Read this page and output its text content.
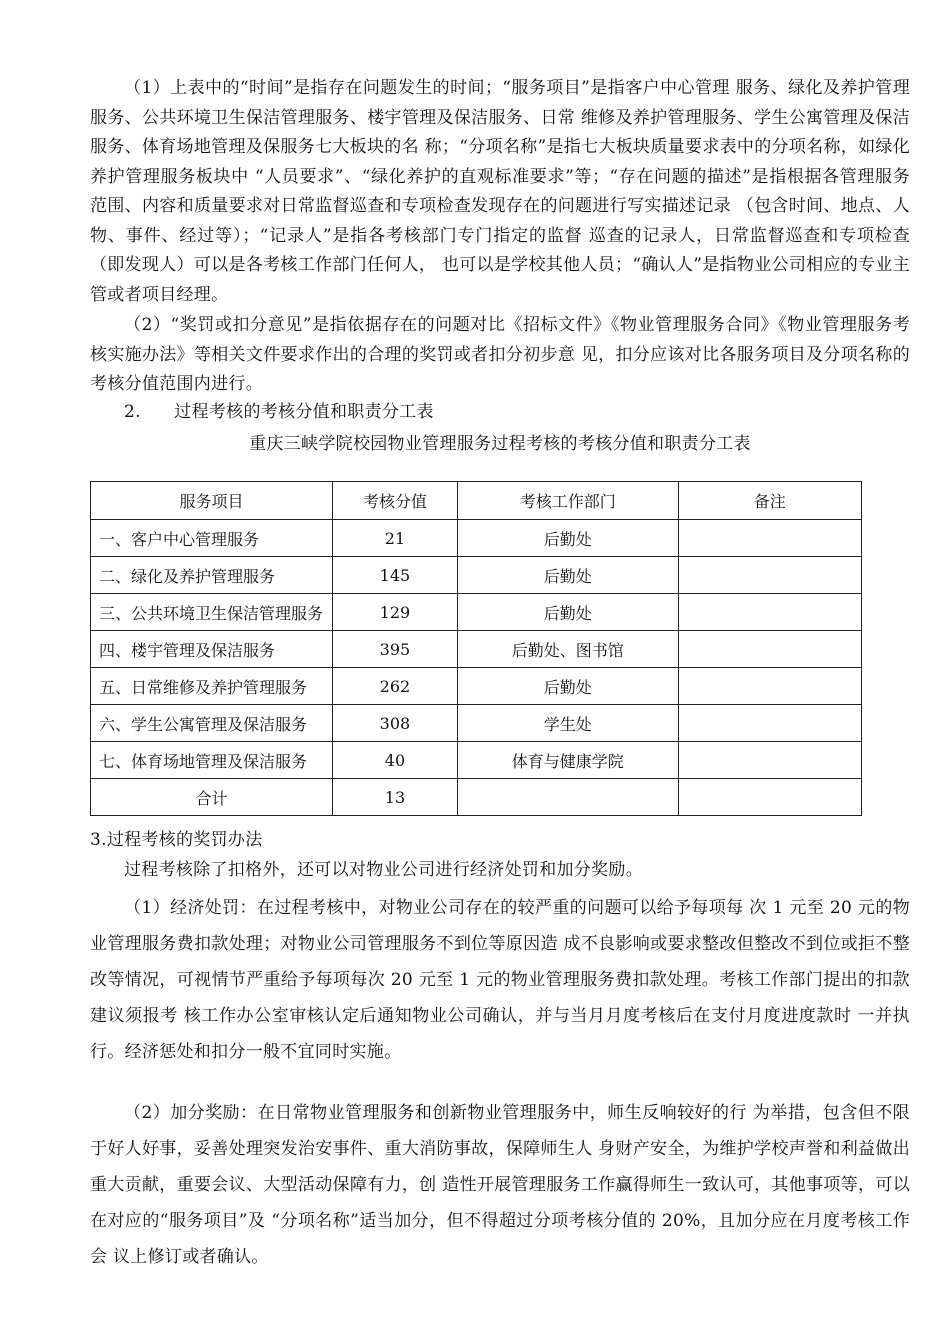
（1）上表中的“时间”是指存在问题发生的时间；“服务项目”是指客户中心管理 服务、绿化及养护管理服务、公共环境卫生保洁管理服务、楼宇管理及保洁服务、日常 维修及养护管理服务、学生公寓管理及保洁服务、体育场地管理及保服务七大板块的名 称；“分项名称”是指七大板块质量要求表中的分项名称，如绿化养护管理服务板块中 “人员要求”、“绿化养护的直观标准要求”等；“存在问题的描述”是指根据各管理服务范围、内容和质量要求对日常监督巡查和专项检查发现存在的问题进行写实描述记录 （包含时间、地点、人物、事件、经过等）；“记录人”是指各考核部门专门指定的监督 巡查的记录人，日常监督巡查和专项检查（即发现人）可以是各考核工作部门任何人， 也可以是学校其他人员；“确认人”是指物业公司相应的专业主管或者项目经理。

（2）“奖罚或扣分意见”是指依据存在的问题对比《招标文件》《物业管理服务合同》《物业管理服务考核实施办法》等相关文件要求作出的合理的奖罚或者扣分初步意 见，扣分应该对比各服务项目及分项名称的考核分值范围内进行。

2. 过程考核的考核分值和职责分工表
重庆三峡学院校园物业管理服务过程考核的考核分值和职责分工表
服务项目	考核分值	考核工作部门	备注
一、客户中心管理服务	21	后勤处	
二、绿化及养护管理服务	145	后勤处	
三、公共环境卫生保洁管理服务	129	后勤处	
四、楼宇管理及保洁服务	395	后勤处、图书馆	
五、日常维修及养护管理服务	262	后勤处	
六、学生公寓管理及保洁服务	308	学生处	
七、体育场地管理及保洁服务	40	体育与健康学院	
合计	13		
3.过程考核的奖罚办法

过程考核除了扣格外，还可以对物业公司进行经济处罚和加分奖励。

（1）经济处罚：在过程考核中，对物业公司存在的较严重的问题可以给予每项每 次 1 元至 20 元的物业管理服务费扣款处理；对物业公司管理服务不到位等原因造 成不良影响或要求整改但整改不到位或拒不整改等情况，可视情节严重给予每项每次 20 元至 1 元的物业管理服务费扣款处理。考核工作部门提出的扣款建议须报考 核工作办公室审核认定后通知物业公司确认，并与当月月度考核后在支付月度进度款时 一并执行。经济惩处和扣分一般不宜同时实施。

（2）加分奖励：在日常物业管理服务和创新物业管理服务中，师生反响较好的行 为举措，包含但不限于好人好事，妥善处理突发治安事件、重大消防事故，保障师生人 身财产安全，为维护学校声誉和利益做出重大贡献，重要会议、大型活动保障有力，创 造性开展管理服务工作赢得师生一致认可，其他事项等，可以在对应的“服务项目”及 “分项名称”适当加分，但不得超过分项考核分值的 20%，且加分应在月度考核工作会 议上修订或者确认。
